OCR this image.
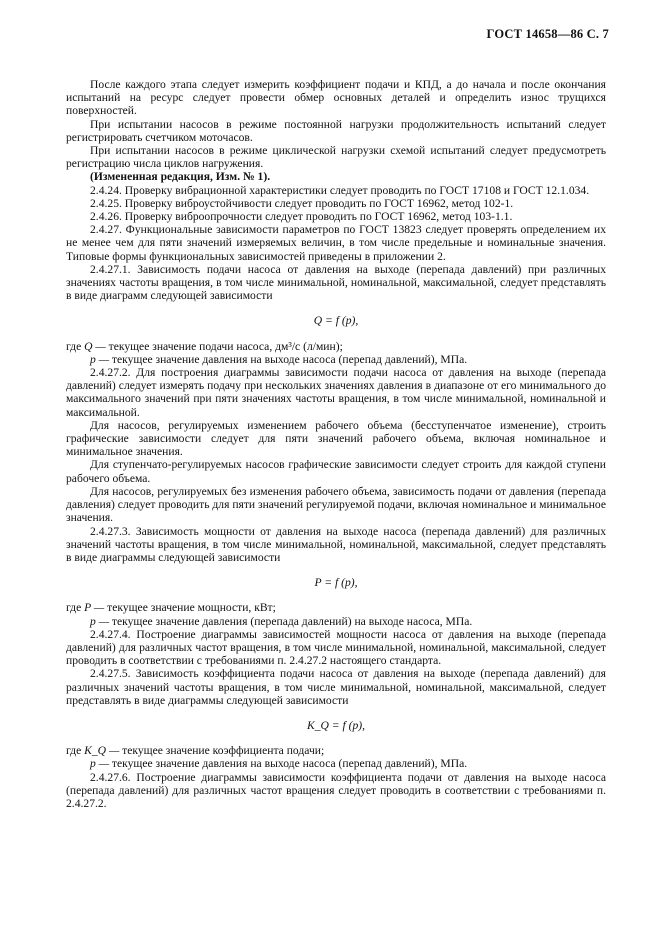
ГОСТ 14658—86 С. 7

После каждого этапа следует измерить коэффициент подачи и КПД, а до начала и после окончания испытаний на ресурс следует провести обмер основных деталей и определить износ трущихся поверхностей.

При испытании насосов в режиме постоянной нагрузки продолжительность испытаний следует регистрировать счетчиком моточасов.

При испытании насосов в режиме циклической нагрузки схемой испытаний следует предусмотреть регистрацию числа циклов нагружения.

(Измененная редакция, Изм. № 1).

2.4.24. Проверку вибрационной характеристики следует проводить по ГОСТ 17108 и ГОСТ 12.1.034.

2.4.25. Проверку виброустойчивости следует проводить по ГОСТ 16962, метод 102-1.

2.4.26. Проверку виброопрочности следует проводить по ГОСТ 16962, метод 103-1.1.

2.4.27. Функциональные зависимости параметров по ГОСТ 13823 следует проверять определением их не менее чем для пяти значений измеряемых величин, в том числе предельные и номинальные значения. Типовые формы функциональных зависимостей приведены в приложении 2.

2.4.27.1. Зависимость подачи насоса от давления на выходе (перепада давлений) при различных значениях частоты вращения, в том числе минимальной, номинальной, максимальной, следует представлять в виде диаграмм следующей зависимости

Q = f (p),

где Q — текущее значение подачи насоса, дм³/с (л/мин);

p — текущее значение давления на выходе насоса (перепад давлений), МПа.

2.4.27.2. Для построения диаграммы зависимости подачи насоса от давления на выходе (перепада давлений) следует измерять подачу при нескольких значениях давления в диапазоне от его минимального до максимального значений при пяти значениях частоты вращения, в том числе минимальной, номинальной и максимальной.

Для насосов, регулируемых изменением рабочего объема (бесступенчатое изменение), строить графические зависимости следует для пяти значений рабочего объема, включая номинальное и минимальное значения.

Для ступенчато-регулируемых насосов графические зависимости следует строить для каждой ступени рабочего объема.

Для насосов, регулируемых без изменения рабочего объема, зависимость подачи от давления (перепада давления) следует проводить для пяти значений регулируемой подачи, включая номинальное и минимальное значения.

2.4.27.3. Зависимость мощности от давления на выходе насоса (перепада давлений) для различных значений частоты вращения, в том числе минимальной, номинальной, максимальной, следует представлять в виде диаграммы следующей зависимости

P = f (p),

где P — текущее значение мощности, кВт;

p — текущее значение давления (перепада давлений) на выходе насоса, МПа.

2.4.27.4. Построение диаграммы зависимостей мощности насоса от давления на выходе (перепада давлений) для различных частот вращения, в том числе минимальной, номинальной, максимальной, следует проводить в соответствии с требованиями п. 2.4.27.2 настоящего стандарта.

2.4.27.5. Зависимость коэффициента подачи насоса от давления на выходе (перепада давлений) для различных значений частоты вращения, в том числе минимальной, номинальной, максимальной, следует представлять в виде диаграммы следующей зависимости

K_Q = f (p),

где K_Q — текущее значение коэффициента подачи;

p — текущее значение давления на выходе насоса (перепад давлений), МПа.

2.4.27.6. Построение диаграммы зависимости коэффициента подачи от давления на выходе насоса (перепада давлений) для различных частот вращения следует проводить в соответствии с требованиями п. 2.4.27.2.
